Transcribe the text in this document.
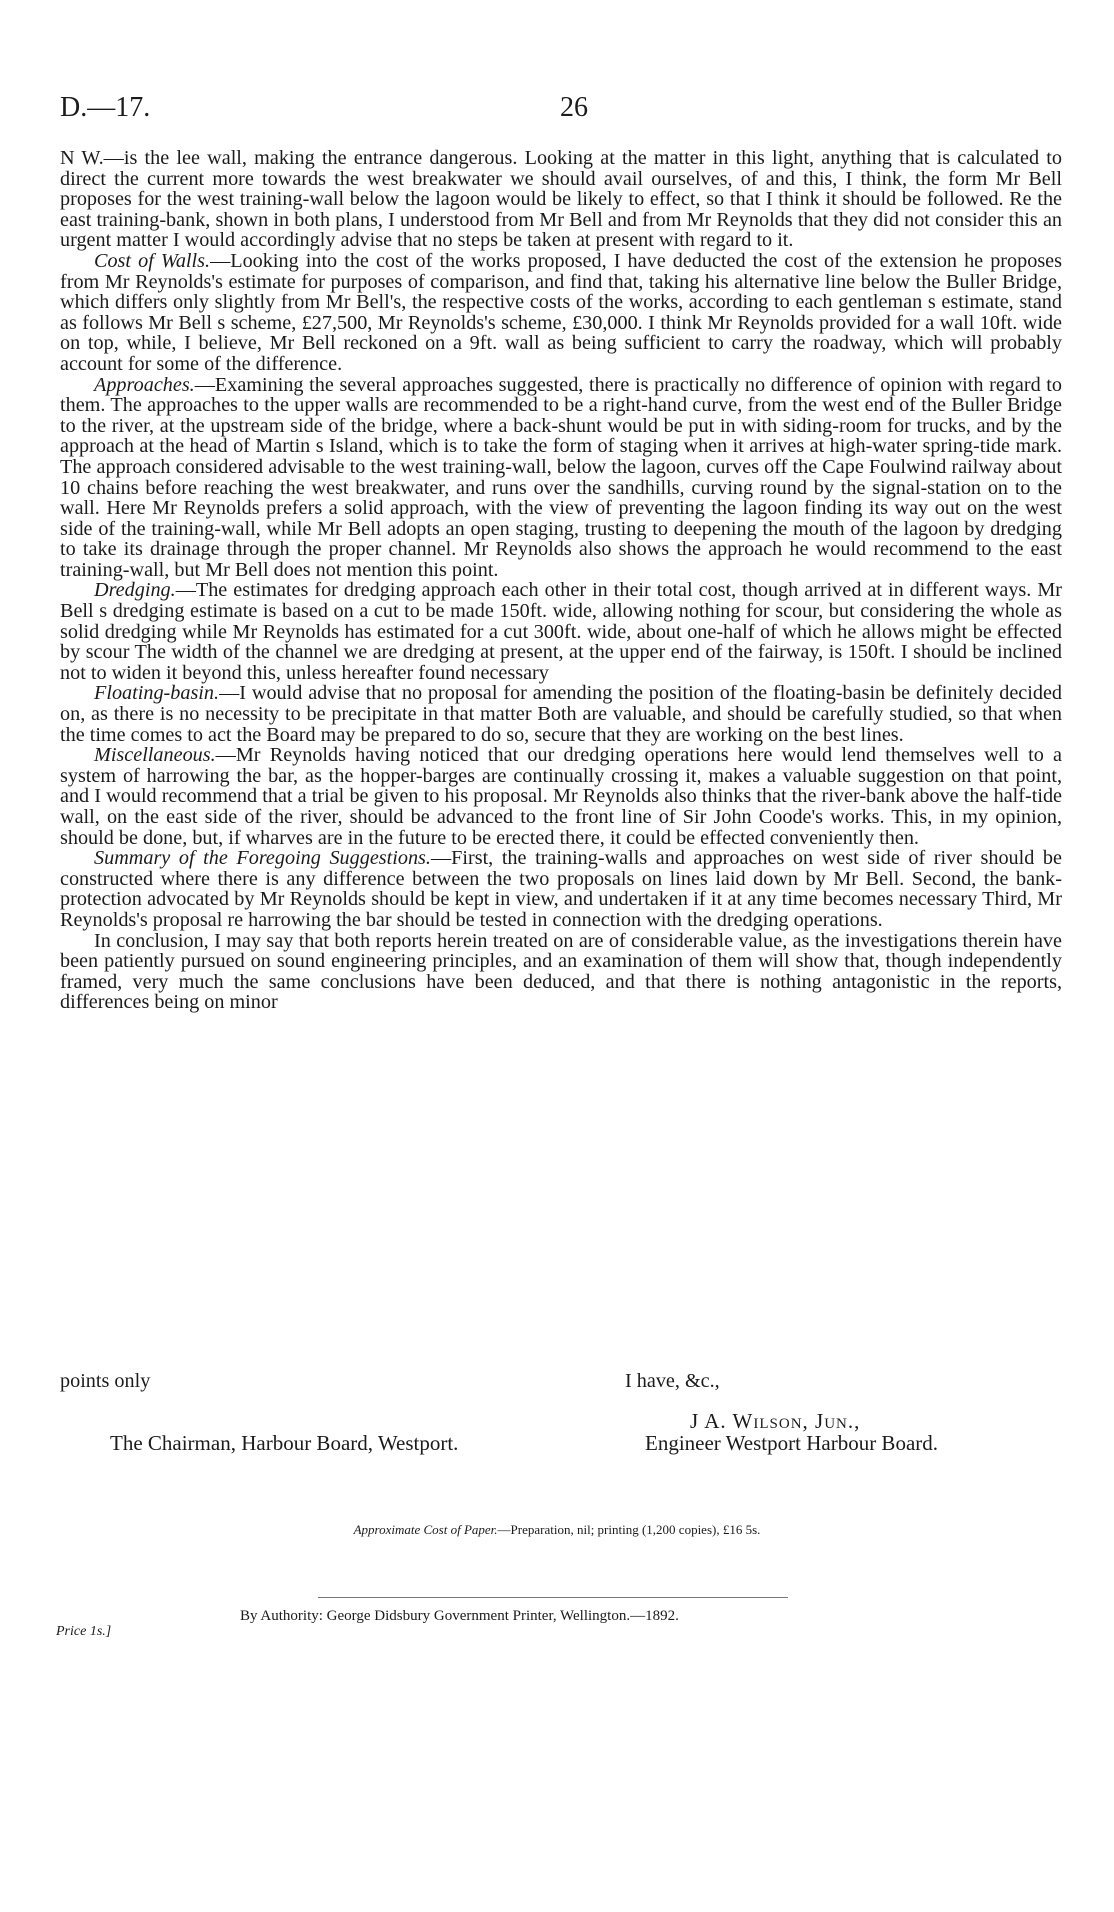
D.—17.	26

N W.—is the lee wall, making the entrance dangerous. Looking at the matter in this light, anything that is calculated to direct the current more towards the west breakwater we should avail ourselves, of and this, I think, the form Mr Bell proposes for the west training-wall below the lagoon would be likely to effect, so that I think it should be followed. Re the east training-bank, shown in both plans, I understood from Mr Bell and from Mr Reynolds that they did not consider this an urgent matter I would accordingly advise that no steps be taken at present with regard to it.

Cost of Walls.—Looking into the cost of the works proposed, I have deducted the cost of the extension he proposes from Mr Reynolds's estimate for purposes of comparison, and find that, taking his alternative line below the Buller Bridge, which differs only slightly from Mr Bell's, the respective costs of the works, according to each gentleman s estimate, stand as follows Mr Bell s scheme, £27,500, Mr Reynolds's scheme, £30,000. I think Mr Reynolds provided for a wall 10ft. wide on top, while, I believe, Mr Bell reckoned on a 9ft. wall as being sufficient to carry the roadway, which will probably account for some of the difference.

Approaches.—Examining the several approaches suggested, there is practically no difference of opinion with regard to them. The approaches to the upper walls are recommended to be a right-hand curve, from the west end of the Buller Bridge to the river, at the upstream side of the bridge, where a back-shunt would be put in with siding-room for trucks, and by the approach at the head of Martin s Island, which is to take the form of staging when it arrives at high-water spring-tide mark. The approach considered advisable to the west training-wall, below the lagoon, curves off the Cape Foulwind railway about 10 chains before reaching the west breakwater, and runs over the sandhills, curving round by the signal-station on to the wall. Here Mr Reynolds prefers a solid approach, with the view of preventing the lagoon finding its way out on the west side of the training-wall, while Mr Bell adopts an open staging, trusting to deepening the mouth of the lagoon by dredging to take its drainage through the proper channel. Mr Reynolds also shows the approach he would recommend to the east training-wall, but Mr Bell does not mention this point.

Dredging.—The estimates for dredging approach each other in their total cost, though arrived at in different ways. Mr Bell s dredging estimate is based on a cut to be made 150ft. wide, allowing nothing for scour, but considering the whole as solid dredging while Mr Reynolds has estimated for a cut 300ft. wide, about one-half of which he allows might be effected by scour The width of the channel we are dredging at present, at the upper end of the fairway, is 150ft. I should be inclined not to widen it beyond this, unless hereafter found necessary

Floating-basin.—I would advise that no proposal for amending the position of the floating-basin be definitely decided on, as there is no necessity to be precipitate in that matter Both are valuable, and should be carefully studied, so that when the time comes to act the Board may be prepared to do so, secure that they are working on the best lines.

Miscellaneous.—Mr Reynolds having noticed that our dredging operations here would lend themselves well to a system of harrowing the bar, as the hopper-barges are continually crossing it, makes a valuable suggestion on that point, and I would recommend that a trial be given to his proposal. Mr Reynolds also thinks that the river-bank above the half-tide wall, on the east side of the river, should be advanced to the front line of Sir John Coode's works. This, in my opinion, should be done, but, if wharves are in the future to be erected there, it could be effected conveniently then.

Summary of the Foregoing Suggestions.—First, the training-walls and approaches on west side of river should be constructed where there is any difference between the two proposals on lines laid down by Mr Bell. Second, the bank-protection advocated by Mr Reynolds should be kept in view, and undertaken if it at any time becomes necessary Third, Mr Reynolds's proposal re harrowing the bar should be tested in connection with the dredging operations.

In conclusion, I may say that both reports herein treated on are of considerable value, as the investigations therein have been patiently pursued on sound engineering principles, and an examination of them will show that, though independently framed, very much the same conclusions have been deduced, and that there is nothing antagonistic in the reports, differences being on minor

points only	I have, &c.,
J A. Wilson, Jun.,
The Chairman, Harbour Board, Westport.	Engineer Westport Harbour Board.
Approximate Cost of Paper.—Preparation, nil; printing (1,200 copies), £16 5s.
By Authority: George Didsbury Government Printer, Wellington.—1892.
Price 1s.]
